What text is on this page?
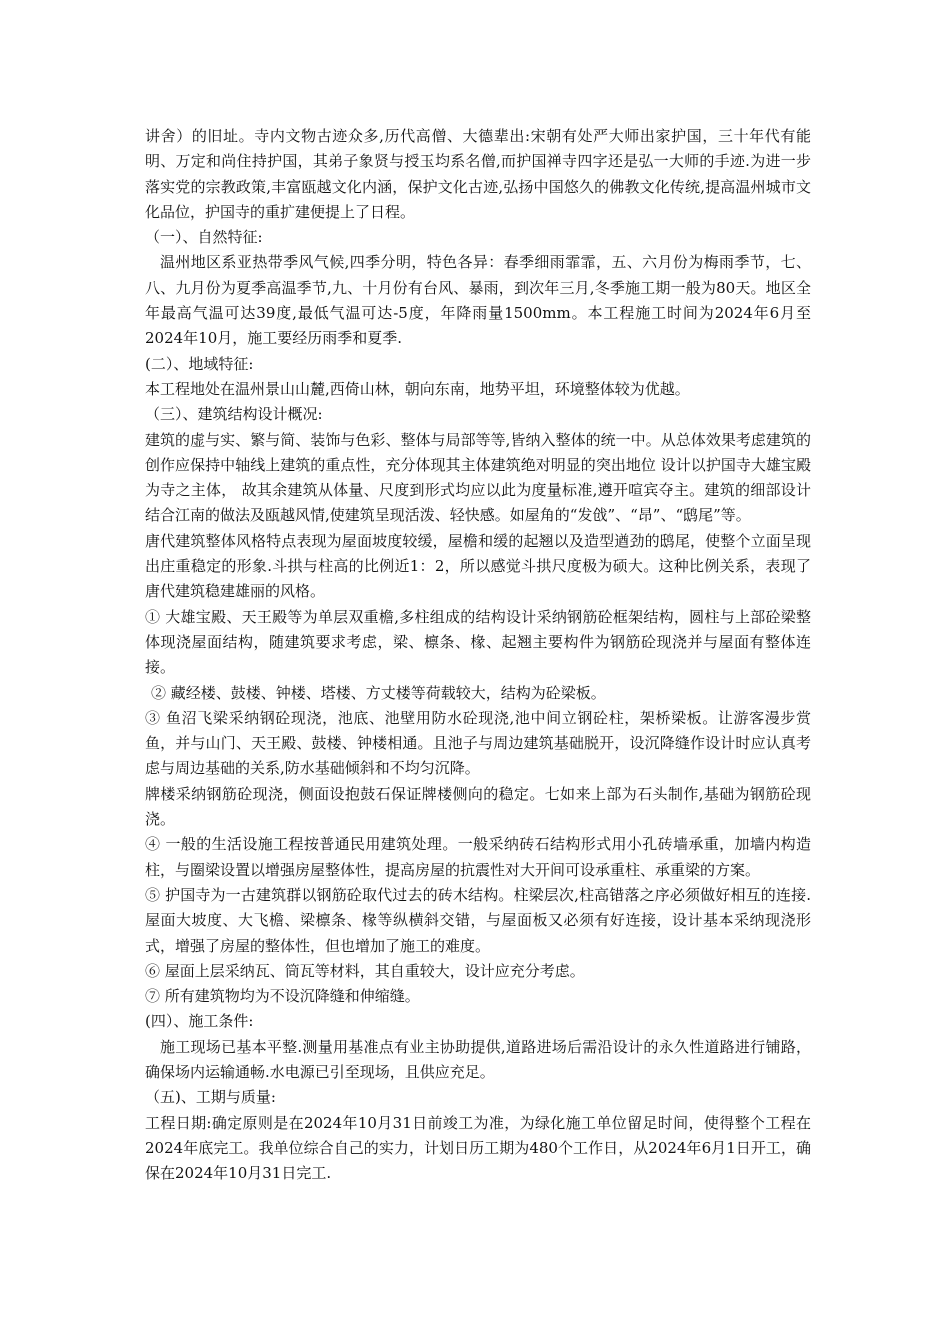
讲舍）的旧址。寺内文物古迹众多,历代高僧、大德辈出:宋朝有处严大师出家护国，三十年代有能明、万定和尚住持护国，其弟子象贤与授玉均系名僧,而护国禅寺四字还是弘一大师的手迹.为进一步落实党的宗教政策,丰富瓯越文化内涵，保护文化古迹,弘扬中国悠久的佛教文化传统,提高温州城市文化品位，护国寺的重扩建便提上了日程。

（一）、自然特征:

温州地区系亚热带季风气候,四季分明，特色各异：春季细雨霏霏，五、六月份为梅雨季节，七、八、九月份为夏季高温季节,九、十月份有台风、暴雨，到次年三月,冬季施工期一般为80天。地区全年最高气温可达39度,最低气温可达-5度，年降雨量1500mm。本工程施工时间为2024年6月至2024年10月，施工要经历雨季和夏季.

(二）、地域特征:

本工程地处在温州景山山麓,西倚山林，朝向东南，地势平坦，环境整体较为优越。

（三）、建筑结构设计概况:

建筑的虚与实、繁与简、装饰与色彩、整体与局部等等,皆纳入整体的统一中。从总体效果考虑建筑的创作应保持中轴线上建筑的重点性，充分体现其主体建筑绝对明显的突出地位 设计以护国寺大雄宝殿为寺之主体， 故其余建筑从体量、尺度到形式均应以此为度量标准,遵开喧宾夺主。建筑的细部设计结合江南的做法及瓯越风情,使建筑呈现活泼、轻快感。如屋角的“发戗”、“昂”、“鸱尾”等。

唐代建筑整体风格特点表现为屋面坡度较缓，屋檐和缓的起翘以及造型遒劲的鸱尾，使整个立面呈现出庄重稳定的形象.斗拱与柱高的比例近1：2，所以感觉斗拱尺度极为硕大。这种比例关系，表现了唐代建筑稳建雄丽的风格。

① 大雄宝殿、天王殿等为单层双重檐,多柱组成的结构设计采纳钢筋砼框架结构，圆柱与上部砼梁整体现浇屋面结构，随建筑要求考虑，梁、檩条、椽、起翘主要构件为钢筋砼现浇并与屋面有整体连接。

② 藏经楼、鼓楼、钟楼、塔楼、方丈楼等荷载较大，结构为砼梁板。

③ 鱼沼飞梁采纳钢砼现浇，池底、池壁用防水砼现浇,池中间立钢砼柱，架桥梁板。让游客漫步赏鱼，并与山门、天王殿、鼓楼、钟楼相通。且池子与周边建筑基础脱开，设沉降缝作设计时应认真考虑与周边基础的关系,防水基础倾斜和不均匀沉降。

牌楼采纳钢筋砼现浇，侧面设抱鼓石保证牌楼侧向的稳定。七如来上部为石头制作,基础为钢筋砼现浇。

④ 一般的生活设施工程按普通民用建筑处理。一般采纳砖石结构形式用小孔砖墙承重，加墙内构造柱，与圈梁设置以增强房屋整体性，提高房屋的抗震性对大开间可设承重柱、承重梁的方案。

⑤ 护国寺为一古建筑群以钢筋砼取代过去的砖木结构。柱梁层次,柱高错落之序必须做好相互的连接.屋面大坡度、大飞檐、梁檩条、椽等纵横斜交错，与屋面板又必须有好连接，设计基本采纳现浇形式，增强了房屋的整体性，但也增加了施工的难度。

⑥ 屋面上层采纳瓦、筒瓦等材料，其自重较大，设计应充分考虑。

⑦ 所有建筑物均为不设沉降缝和伸缩缝。

(四）、施工条件:

施工现场已基本平整.测量用基准点有业主协助提供,道路进场后需沿设计的永久性道路进行铺路，确保场内运输通畅.水电源已引至现场，且供应充足。

（五)、工期与质量:

工程日期:确定原则是在2024年10月31日前竣工为准，为绿化施工单位留足时间，使得整个工程在2024年底完工。我单位综合自己的实力，计划日历工期为480个工作日，从2024年6月1日开工，确保在2024年10月31日完工.
